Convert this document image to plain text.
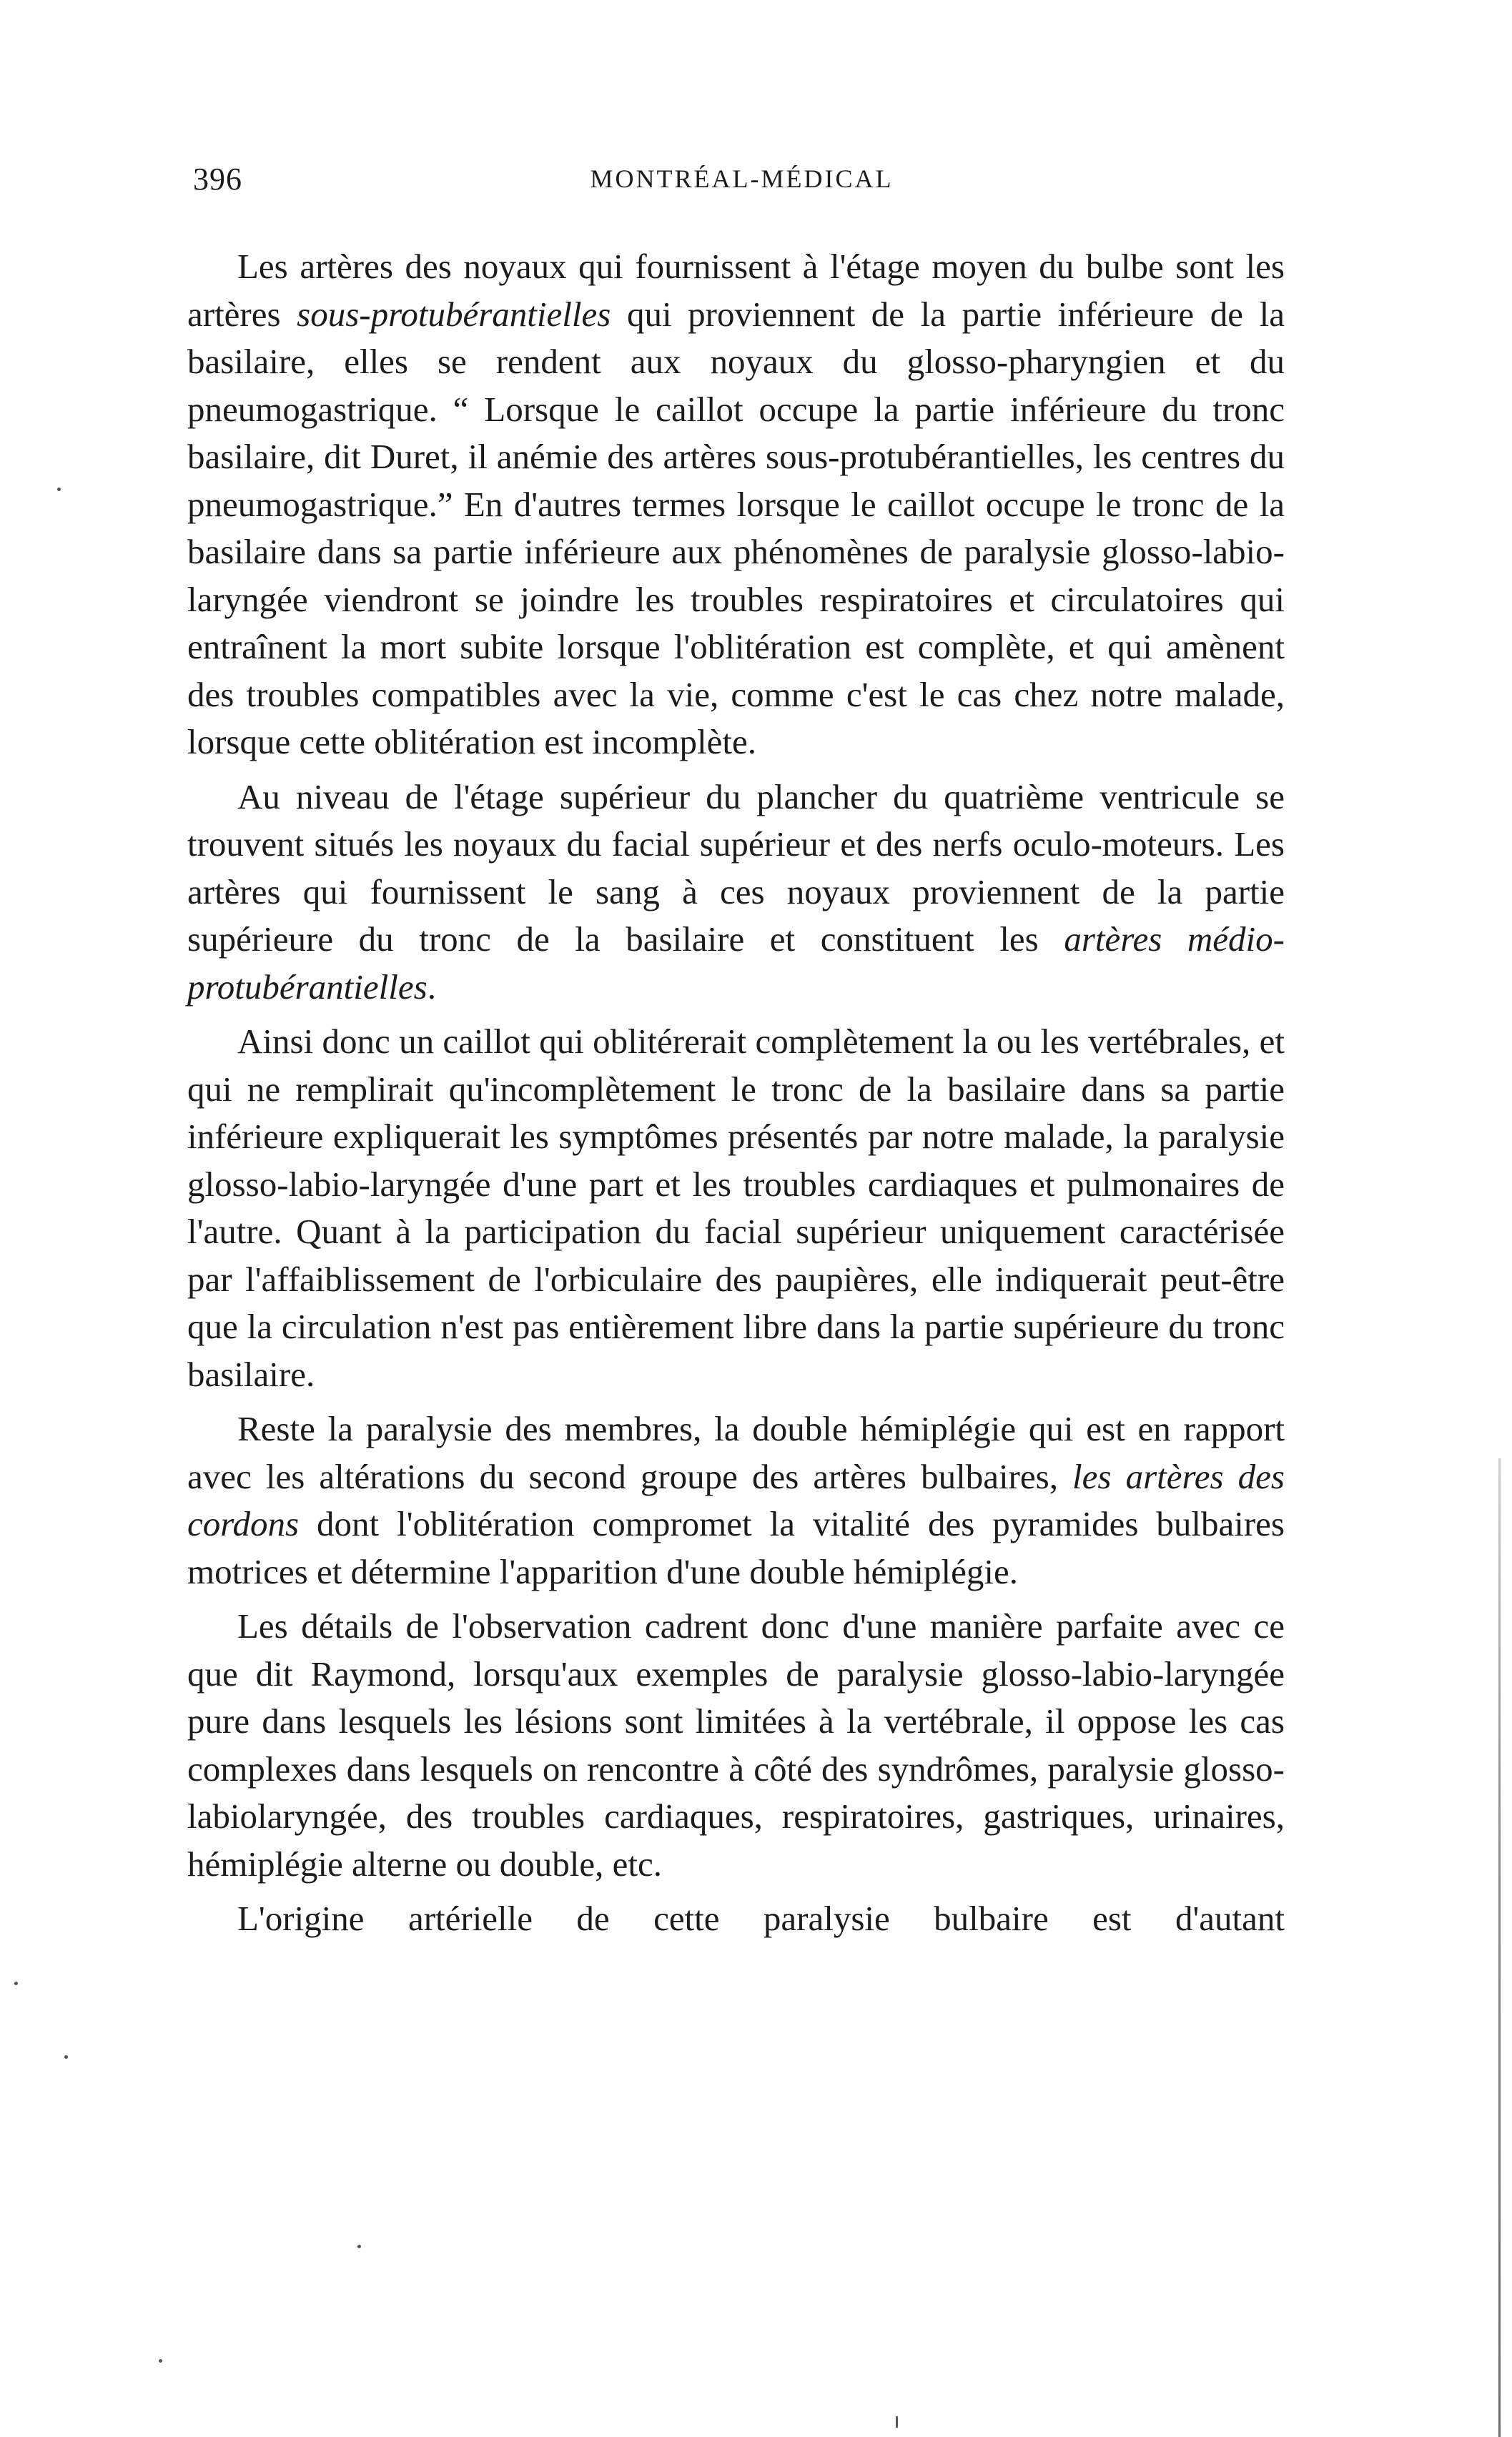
396	MONTRÉAL-MÉDICAL

Les artères des noyaux qui fournissent à l'étage moyen du bulbe sont les artères sous-protubérantielles qui proviennent de la partie inférieure de la basilaire, elles se rendent aux noyaux du glosso-pharyngien et du pneumogastrique. “ Lorsque le caillot occupe la partie inférieure du tronc basilaire, dit Duret, il anémie des artères sous-protubérantielles, les centres du pneumogastrique.” En d'autres termes lorsque le caillot occupe le tronc de la basilaire dans sa partie inférieure aux phénomènes de paralysie glosso-labio-laryngée viendront se joindre les troubles respiratoires et circulatoires qui entraînent la mort subite lorsque l'oblitération est complète, et qui amènent des troubles compatibles avec la vie, comme c'est le cas chez notre malade, lorsque cette oblitération est incomplète.

Au niveau de l'étage supérieur du plancher du quatrième ventricule se trouvent situés les noyaux du facial supérieur et des nerfs oculo-moteurs. Les artères qui fournissent le sang à ces noyaux proviennent de la partie supérieure du tronc de la basilaire et constituent les artères médio-protubérantielles.

Ainsi donc un caillot qui oblitérerait complètement la ou les vertébrales, et qui ne remplirait qu'incomplètement le tronc de la basilaire dans sa partie inférieure expliquerait les symptômes présentés par notre malade, la paralysie glosso-labio-laryngée d'une part et les troubles cardiaques et pulmonaires de l'autre. Quant à la participation du facial supérieur uniquement caractérisée par l'affaiblissement de l'orbiculaire des paupières, elle indiquerait peut-être que la circulation n'est pas entièrement libre dans la partie supérieure du tronc basilaire.

Reste la paralysie des membres, la double hémiplégie qui est en rapport avec les altérations du second groupe des artères bulbaires, les artères des cordons dont l'oblitération compromet la vitalité des pyramides bulbaires motrices et détermine l'apparition d'une double hémiplégie.

Les détails de l'observation cadrent donc d'une manière parfaite avec ce que dit Raymond, lorsqu'aux exemples de paralysie glosso-labio-laryngée pure dans lesquels les lésions sont limitées à la vertébrale, il oppose les cas complexes dans lesquels on rencontre à côté des syndrômes, paralysie glosso-labiolaryngée, des troubles cardiaques, respiratoires, gastriques, urinaires, hémiplégie alterne ou double, etc.

L'origine artérielle de cette paralysie bulbaire est d'autant
